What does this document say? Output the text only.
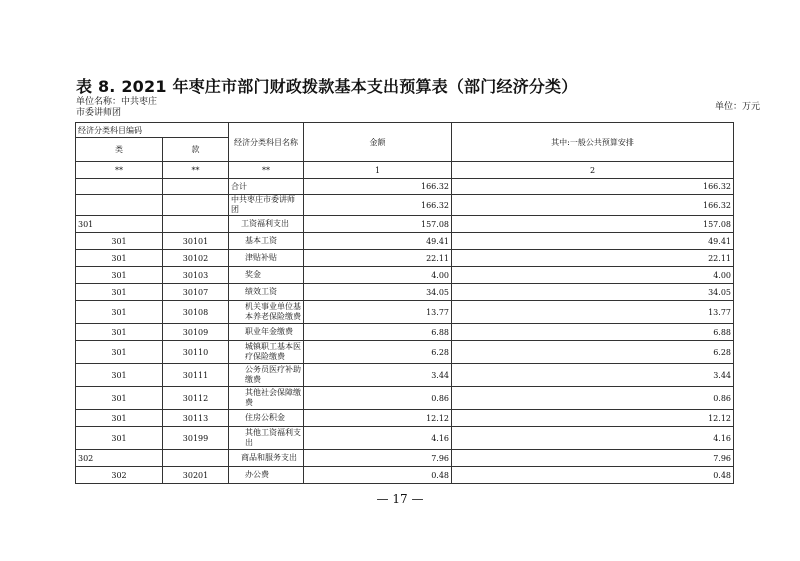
表 8. 2021 年枣庄市部门财政拨款基本支出预算表（部门经济分类）
单位名称：中共枣庄
市委讲师团
单位：万元
经济分类科目编码		经济分类科目名称	金额	其中:一般公共预算安排
类	款			
**	**	**	1	2
		合计	166.32	166.32
		中共枣庄市委讲师团	166.32	166.32
301		工资福利支出	157.08	157.08
301	30101	基本工资	49.41	49.41
301	30102	津贴补贴	22.11	22.11
301	30103	奖金	4.00	4.00
301	30107	绩效工资	34.05	34.05
301	30108	机关事业单位基本养老保险缴费	13.77	13.77
301	30109	职业年金缴费	6.88	6.88
301	30110	城镇职工基本医疗保险缴费	6.28	6.28
301	30111	公务员医疗补助缴费	3.44	3.44
301	30112	其他社会保障缴费	0.86	0.86
301	30113	住房公积金	12.12	12.12
301	30199	其他工资福利支出	4.16	4.16
302		商品和服务支出	7.96	7.96
302	30201	办公费	0.48	0.48
— 17 —
